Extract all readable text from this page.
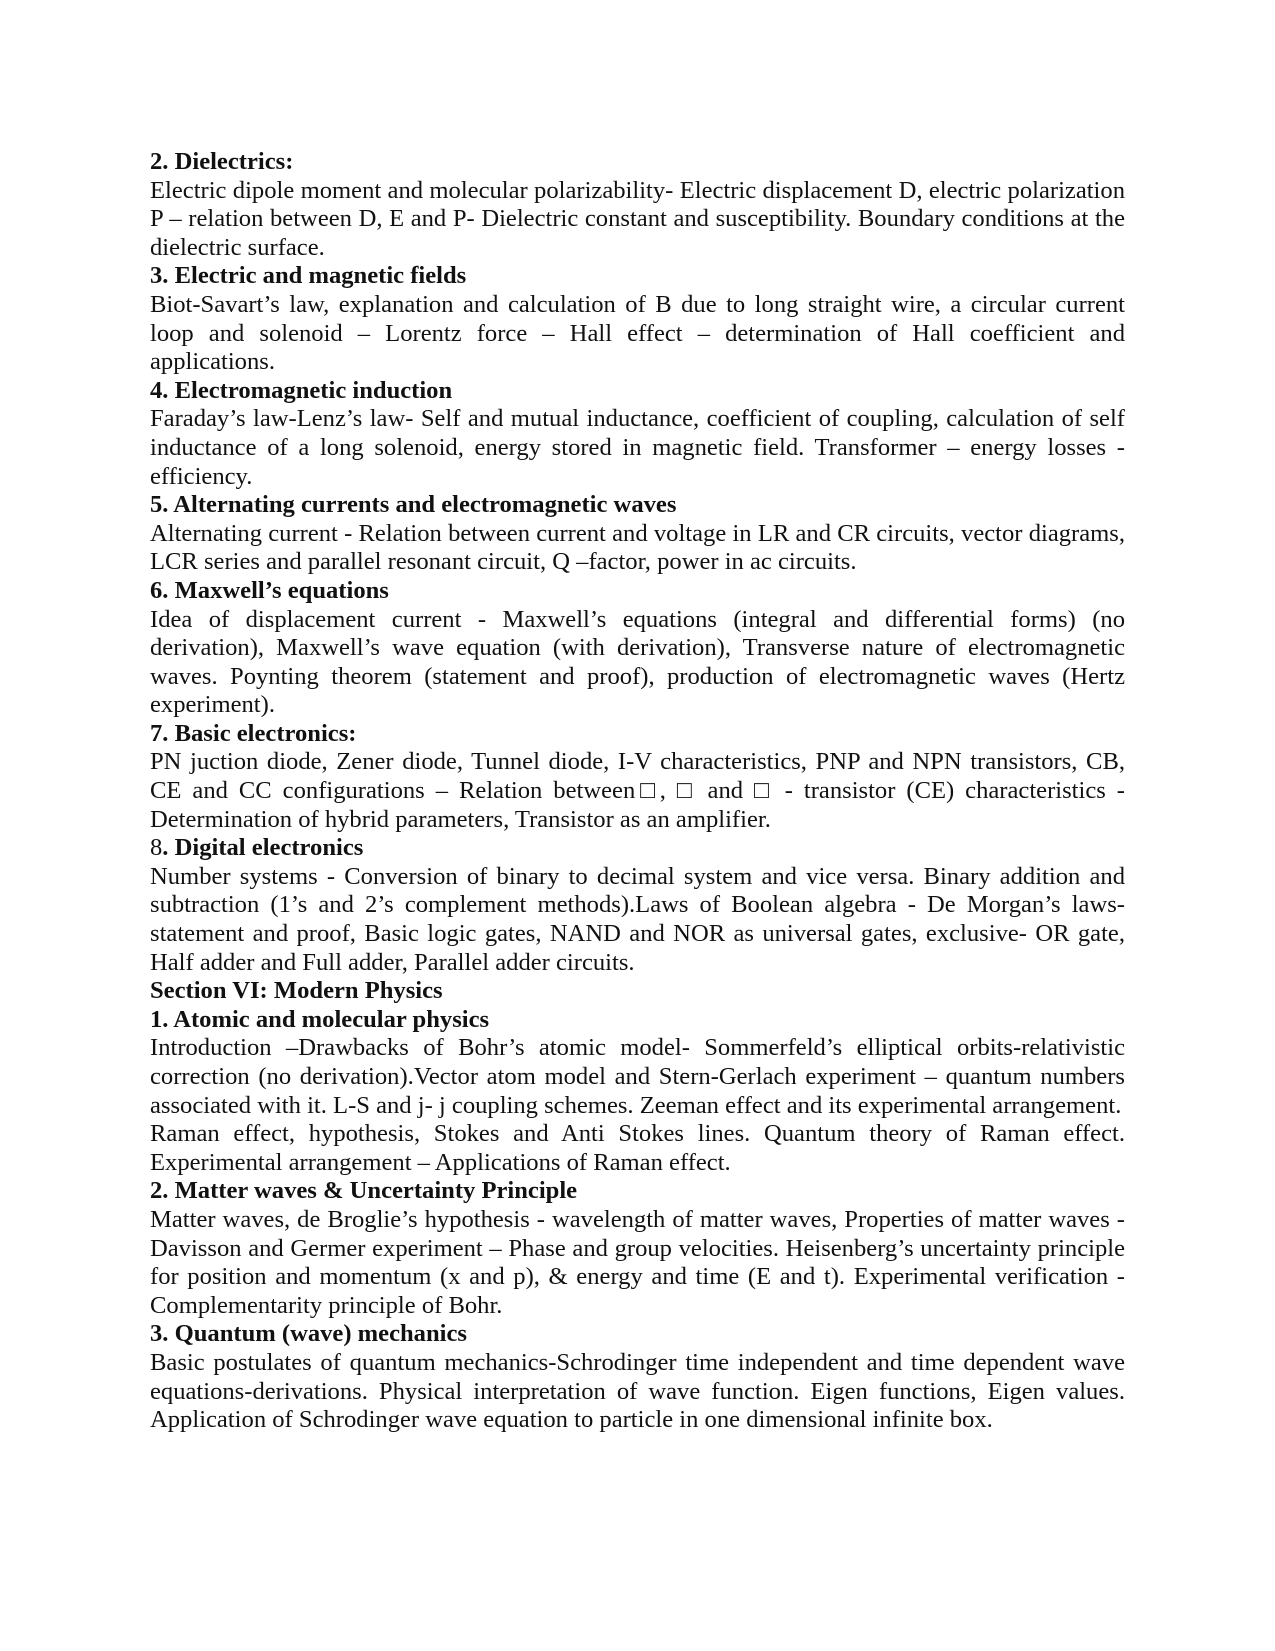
2. Dielectrics:

Electric dipole moment and molecular polarizability- Electric displacement D, electric polarization P – relation between D, E and P- Dielectric constant and susceptibility. Boundary conditions at the dielectric surface.

3. Electric and magnetic fields

Biot-Savart’s law, explanation and calculation of B due to long straight wire, a circular current loop and solenoid – Lorentz force – Hall effect – determination of Hall coefficient and applications.

4. Electromagnetic induction

Faraday’s law-Lenz’s law- Self and mutual inductance, coefficient of coupling, calculation of self inductance of a long solenoid, energy stored in magnetic field. Transformer – energy losses - efficiency.

5. Alternating currents and electromagnetic waves

Alternating current - Relation between current and voltage in LR and CR circuits, vector diagrams, LCR series and parallel resonant circuit, Q –factor, power in ac circuits.

6. Maxwell’s equations

Idea of displacement current - Maxwell’s equations (integral and differential forms) (no derivation), Maxwell’s wave equation (with derivation), Transverse nature of electromagnetic waves. Poynting theorem (statement and proof), production of electromagnetic waves (Hertz experiment).

7. Basic electronics:

PN juction diode, Zener diode, Tunnel diode, I-V characteristics, PNP and NPN transistors, CB, CE and CC configurations – Relation between□, □ and □ - transistor (CE) characteristics - Determination of hybrid parameters, Transistor as an amplifier.

8. Digital electronics

Number systems - Conversion of binary to decimal system and vice versa. Binary addition and subtraction (1’s and 2’s complement methods).Laws of Boolean algebra - De Morgan’s laws- statement and proof, Basic logic gates, NAND and NOR as universal gates, exclusive- OR gate, Half adder and Full adder, Parallel adder circuits.

Section VI: Modern Physics

1. Atomic and molecular physics

Introduction –Drawbacks of Bohr’s atomic model- Sommerfeld’s elliptical orbits-relativistic correction (no derivation).Vector atom model and Stern-Gerlach experiment – quantum numbers associated with it. L-S and j- j coupling schemes. Zeeman effect and its experimental arrangement.

Raman effect, hypothesis, Stokes and Anti Stokes lines. Quantum theory of Raman effect. Experimental arrangement – Applications of Raman effect.

2. Matter waves & Uncertainty Principle

Matter waves, de Broglie’s hypothesis - wavelength of matter waves, Properties of matter waves - Davisson and Germer experiment – Phase and group velocities. Heisenberg’s uncertainty principle for position and momentum (x and p), & energy and time (E and t). Experimental verification - Complementarity principle of Bohr.

3. Quantum (wave) mechanics

Basic postulates of quantum mechanics-Schrodinger time independent and time dependent wave equations-derivations. Physical interpretation of wave function. Eigen functions, Eigen values. Application of Schrodinger wave equation to particle in one dimensional infinite box.
